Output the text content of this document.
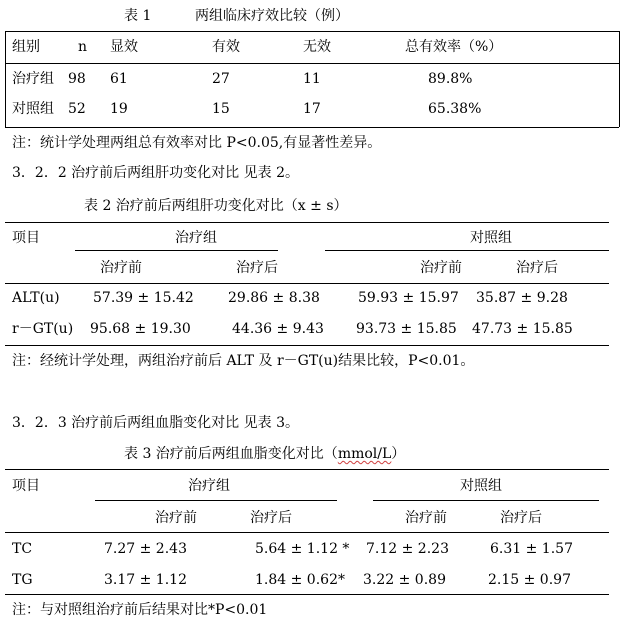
表 1	两组临床疗效比较（例）
组别	n 显效	有效	无效	总有效率（%）
治疗组 98 61	27	11	89.8%
对照组 52 19	15	17	65.38%
注：统计学处理两组总有效率对比 P<0.05,有显著性差异。
3．2．2 治疗前后两组肝功变化对比 见表 2。
表 2 治疗前后两组肝功变化对比（x ± s）
项目	治疗组	对照组
治疗前	治疗后	治疗前	治疗后
ALT(u) 57.39 ± 15.42 29.86 ± 8.38	59.93 ± 15.97 35.87 ± 9.28
r－GT(u) 95.68 ± 19.30	44.36 ± 9.43 93.73 ± 15.85 47.73 ± 15.85
注：经统计学处理，两组治疗前后 ALT 及 r－GT(u)结果比较，P<0.01。
3．2．3 治疗前后两组血脂变化对比 见表 3。
表 3 治疗前后两组血脂变化对比（mmol/L）
项目	治疗组	对照组
治疗前	治疗后	治疗前	治疗后
TC	7.27 ± 2.43	5.64 ± 1.12 * 7.12 ± 2.23	6.31 ± 1.57
TG	3.17 ± 1.12	1.84 ± 0.62* 3.22 ± 0.89	2.15 ± 0.97
注：与对照组治疗前后结果对比*P<0.01
